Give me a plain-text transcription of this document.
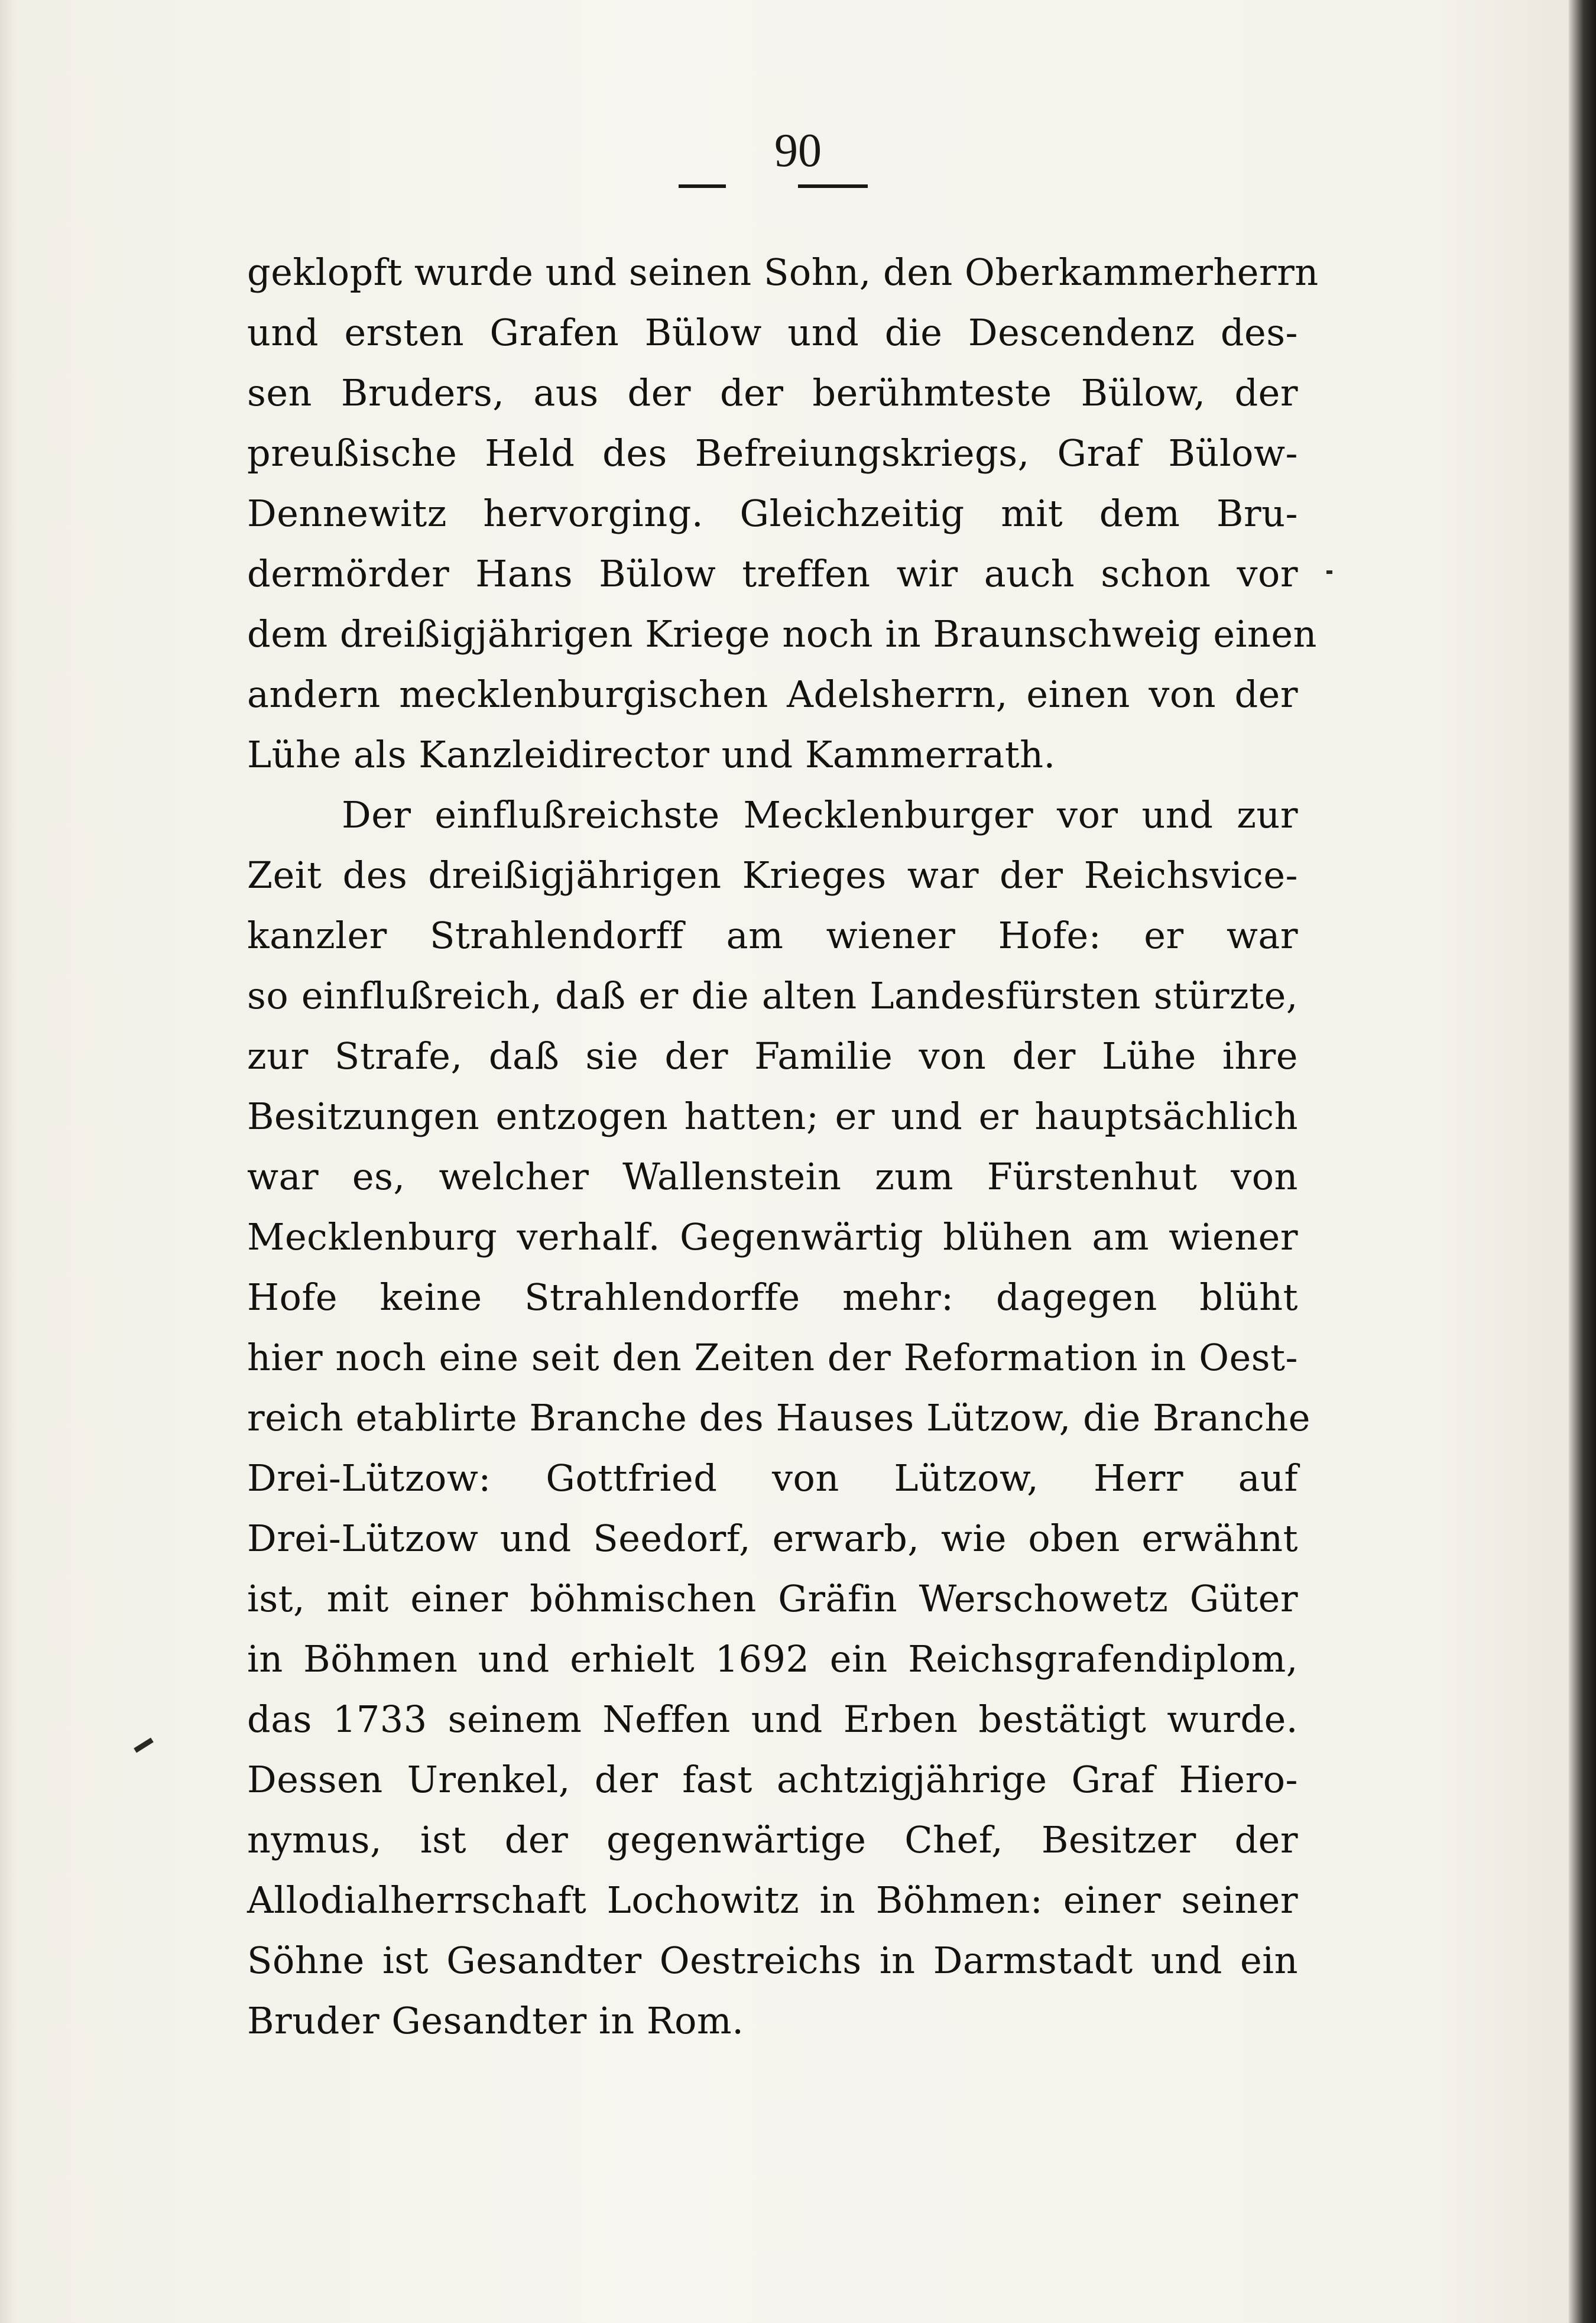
90
geklopft wurde und seinen Sohn, den Oberkammerherrn
und ersten Grafen Bülow und die Descendenz des-
sen Bruders, aus der der berühmteste Bülow, der
preußische Held des Befreiungskriegs, Graf Bülow-
Dennewitz hervorging. Gleichzeitig mit dem Bru-
dermörder Hans Bülow treffen wir auch schon vor
dem dreißigjährigen Kriege noch in Braunschweig einen
andern mecklenburgischen Adelsherrn, einen von der
Lühe als Kanzleidirector und Kammerrath.
Der einflußreichste Mecklenburger vor und zur
Zeit des dreißigjährigen Krieges war der Reichsvice-
kanzler Strahlendorff am wiener Hofe: er war
so einflußreich, daß er die alten Landesfürsten stürzte,
zur Strafe, daß sie der Familie von der Lühe ihre
Besitzungen entzogen hatten; er und er hauptsächlich
war es, welcher Wallenstein zum Fürstenhut von
Mecklenburg verhalf. Gegenwärtig blühen am wiener
Hofe keine Strahlendorffe mehr: dagegen blüht
hier noch eine seit den Zeiten der Reformation in Oest-
reich etablirte Branche des Hauses Lützow, die Branche
Drei-Lützow: Gottfried von Lützow, Herr auf
Drei-Lützow und Seedorf, erwarb, wie oben erwähnt
ist, mit einer böhmischen Gräfin Werschowetz Güter
in Böhmen und erhielt 1692 ein Reichsgrafendiplom,
das 1733 seinem Neffen und Erben bestätigt wurde.
Dessen Urenkel, der fast achtzigjährige Graf Hiero-
nymus, ist der gegenwärtige Chef, Besitzer der
Allodialherrschaft Lochowitz in Böhmen: einer seiner
Söhne ist Gesandter Oestreichs in Darmstadt und ein
Bruder Gesandter in Rom.
